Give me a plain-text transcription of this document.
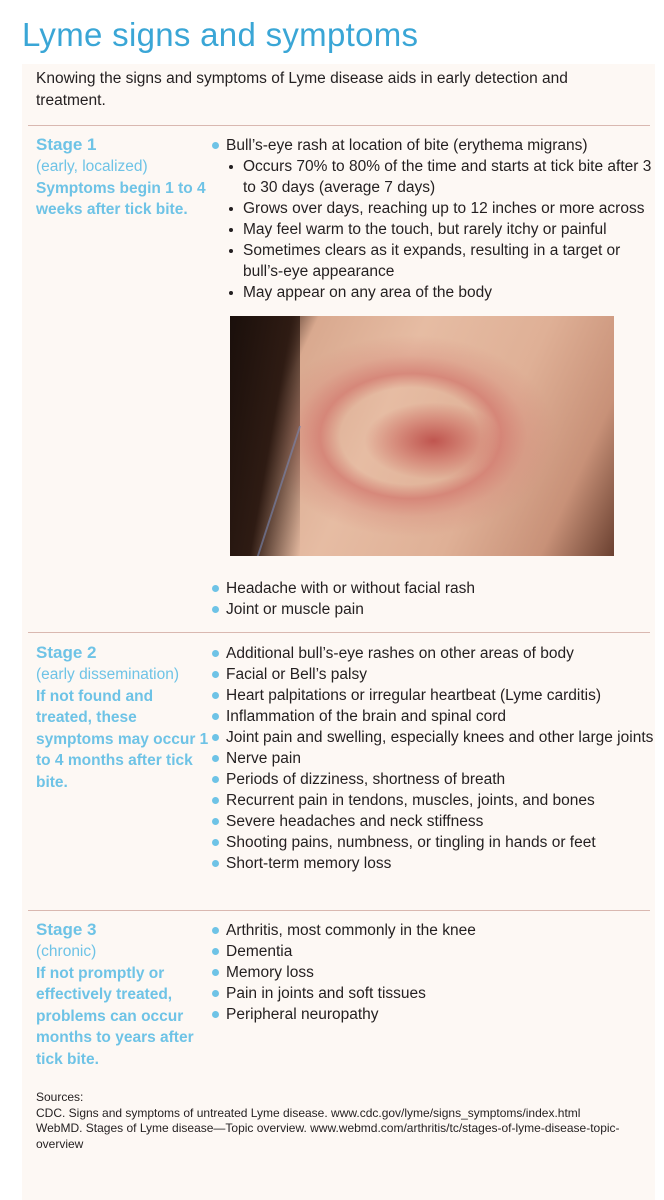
Lyme signs and symptoms

Knowing the signs and symptoms of Lyme disease aids in early detection and treatment.

Stage 1
(early, localized)
Symptoms begin 1 to 4 weeks after tick bite.
Bull’s-eye rash at location of bite (erythema migrans)
Occurs 70% to 80% of the time and starts at tick bite after 3 to 30 days (average 7 days)
Grows over days, reaching up to 12 inches or more across
May feel warm to the touch, but rarely itchy or painful
Sometimes clears as it expands, resulting in a target or bull’s-eye appearance
May appear on any area of the body
Headache with or without facial rash
Joint or muscle pain
Stage 2
(early dissemination)
If not found and treated, these symptoms may occur 1 to 4 months after tick bite.
Additional bull’s-eye rashes on other areas of body
Facial or Bell’s palsy
Heart palpitations or irregular heartbeat (Lyme carditis)
Inflammation of the brain and spinal cord
Joint pain and swelling, especially knees and other large joints
Nerve pain
Periods of dizziness, shortness of breath
Recurrent pain in tendons, muscles, joints, and bones
Severe headaches and neck stiffness
Shooting pains, numbness, or tingling in hands or feet
Short-term memory loss
Stage 3
(chronic)
If not promptly or effectively treated, problems can occur months to years after tick bite.
Arthritis, most commonly in the knee
Dementia
Memory loss
Pain in joints and soft tissues
Peripheral neuropathy

Sources:

CDC. Signs and symptoms of untreated Lyme disease. www.cdc.gov/lyme/signs_symptoms/index.html

WebMD. Stages of Lyme disease—Topic overview. www.webmd.com/arthritis/tc/stages-of-lyme-disease-topic-overview
